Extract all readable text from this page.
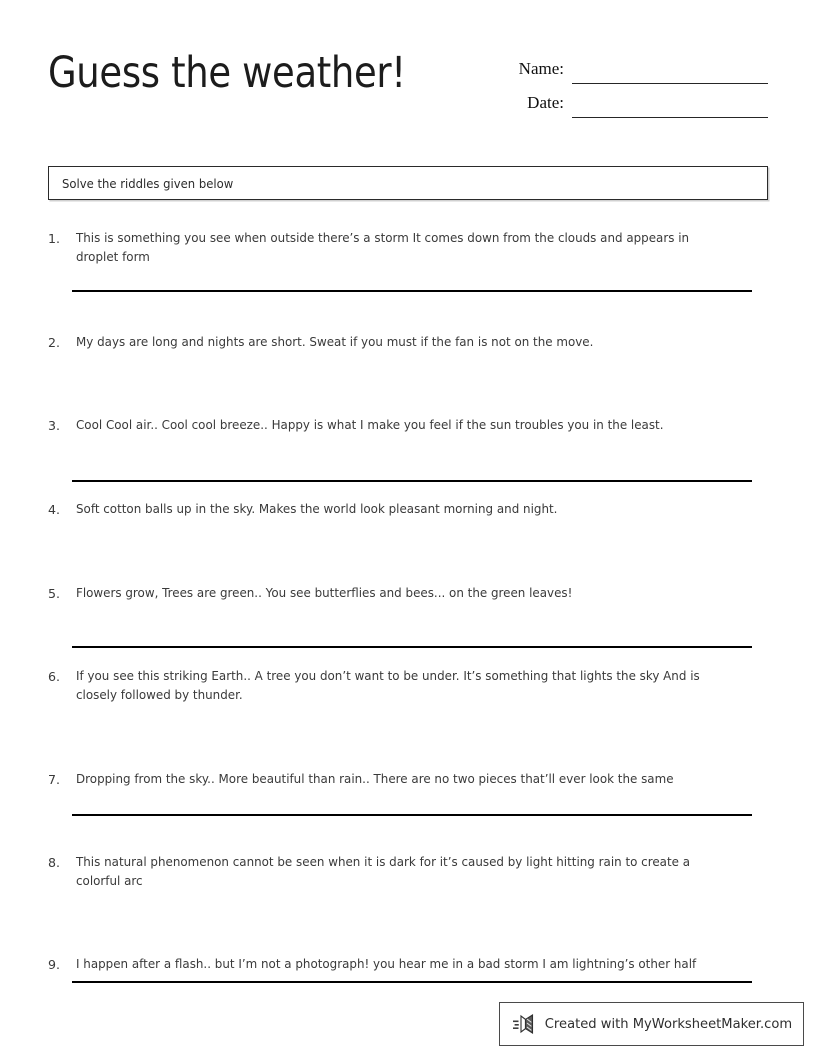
Guess the weather!	Name:
Date:
Solve the riddles given below
1.	This is something you see when outside there’s a storm It comes down from the clouds and appears in droplet form
2.	My days are long and nights are short. Sweat if you must if the fan is not on the move.
3.	Cool Cool air.. Cool cool breeze.. Happy is what I make you feel if the sun troubles you in the least.
4.	Soft cotton balls up in the sky. Makes the world look pleasant morning and night.
5.	Flowers grow, Trees are green.. You see butterflies and bees... on the green leaves!
6.	If you see this striking Earth.. A tree you don’t want to be under. It’s something that lights the sky And is closely followed by thunder.
7.	Dropping from the sky.. More beautiful than rain.. There are no two pieces that’ll ever look the same
8.	This natural phenomenon cannot be seen when it is dark for it’s caused by light hitting rain to create a colorful arc
9.	I happen after a flash.. but I’m not a photograph! you hear me in a bad storm I am lightning’s other half
Created with MyWorksheetMaker.com
